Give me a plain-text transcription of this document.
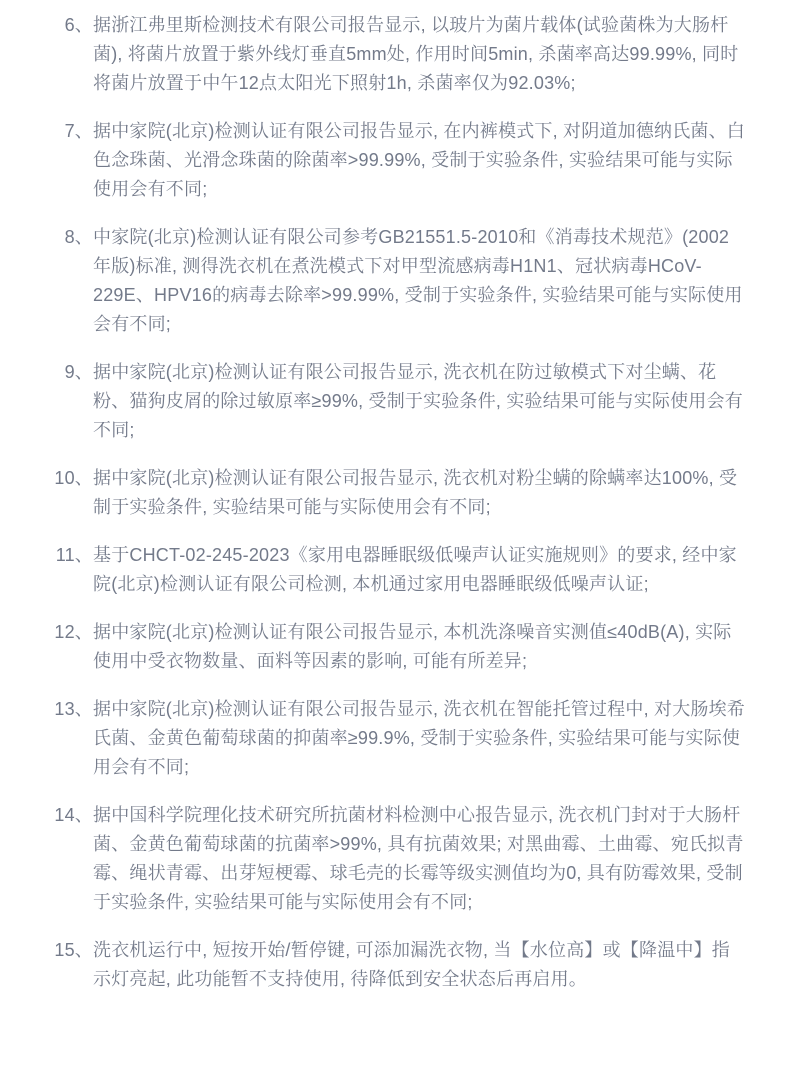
6、 据浙江弗里斯检测技术有限公司报告显示, 以玻片为菌片载体(试验菌株为大肠杆菌), 将菌片放置于紫外线灯垂直5mm处, 作用时间5min, 杀菌率高达99.99%, 同时将菌片放置于中午12点太阳光下照射1h, 杀菌率仅为92.03%;

7、 据中家院(北京)检测认证有限公司报告显示, 在内裤模式下, 对阴道加德纳氏菌、白色念珠菌、光滑念珠菌的除菌率>99.99%, 受制于实验条件, 实验结果可能与实际使用会有不同;

8、 中家院(北京)检测认证有限公司参考GB21551.5-2010和《消毒技术规范》(2002年版)标准, 测得洗衣机在煮洗模式下对甲型流感病毒H1N1、冠状病毒HCoV-229E、HPV16的病毒去除率>99.99%, 受制于实验条件, 实验结果可能与实际使用会有不同;

9、 据中家院(北京)检测认证有限公司报告显示, 洗衣机在防过敏模式下对尘螨、花粉、猫狗皮屑的除过敏原率≥99%, 受制于实验条件, 实验结果可能与实际使用会有不同;

10、 据中家院(北京)检测认证有限公司报告显示, 洗衣机对粉尘螨的除螨率达100%, 受制于实验条件, 实验结果可能与实际使用会有不同;

11、 基于CHCT-02-245-2023《家用电器睡眠级低噪声认证实施规则》的要求, 经中家院(北京)检测认证有限公司检测, 本机通过家用电器睡眠级低噪声认证;

12、 据中家院(北京)检测认证有限公司报告显示, 本机洗涤噪音实测值≤40dB(A), 实际使用中受衣物数量、面料等因素的影响, 可能有所差异;

13、 据中家院(北京)检测认证有限公司报告显示, 洗衣机在智能托管过程中, 对大肠埃希氏菌、金黄色葡萄球菌的抑菌率≥99.9%, 受制于实验条件, 实验结果可能与实际使用会有不同;

14、 据中国科学院理化技术研究所抗菌材料检测中心报告显示, 洗衣机门封对于大肠杆菌、金黄色葡萄球菌的抗菌率>99%, 具有抗菌效果; 对黑曲霉、土曲霉、宛氏拟青霉、绳状青霉、出芽短梗霉、球毛壳的长霉等级实测值均为0, 具有防霉效果, 受制于实验条件, 实验结果可能与实际使用会有不同;

15、 洗衣机运行中, 短按开始/暂停键, 可添加漏洗衣物, 当【水位高】或【降温中】指示灯亮起, 此功能暂不支持使用, 待降低到安全状态后再启用。
